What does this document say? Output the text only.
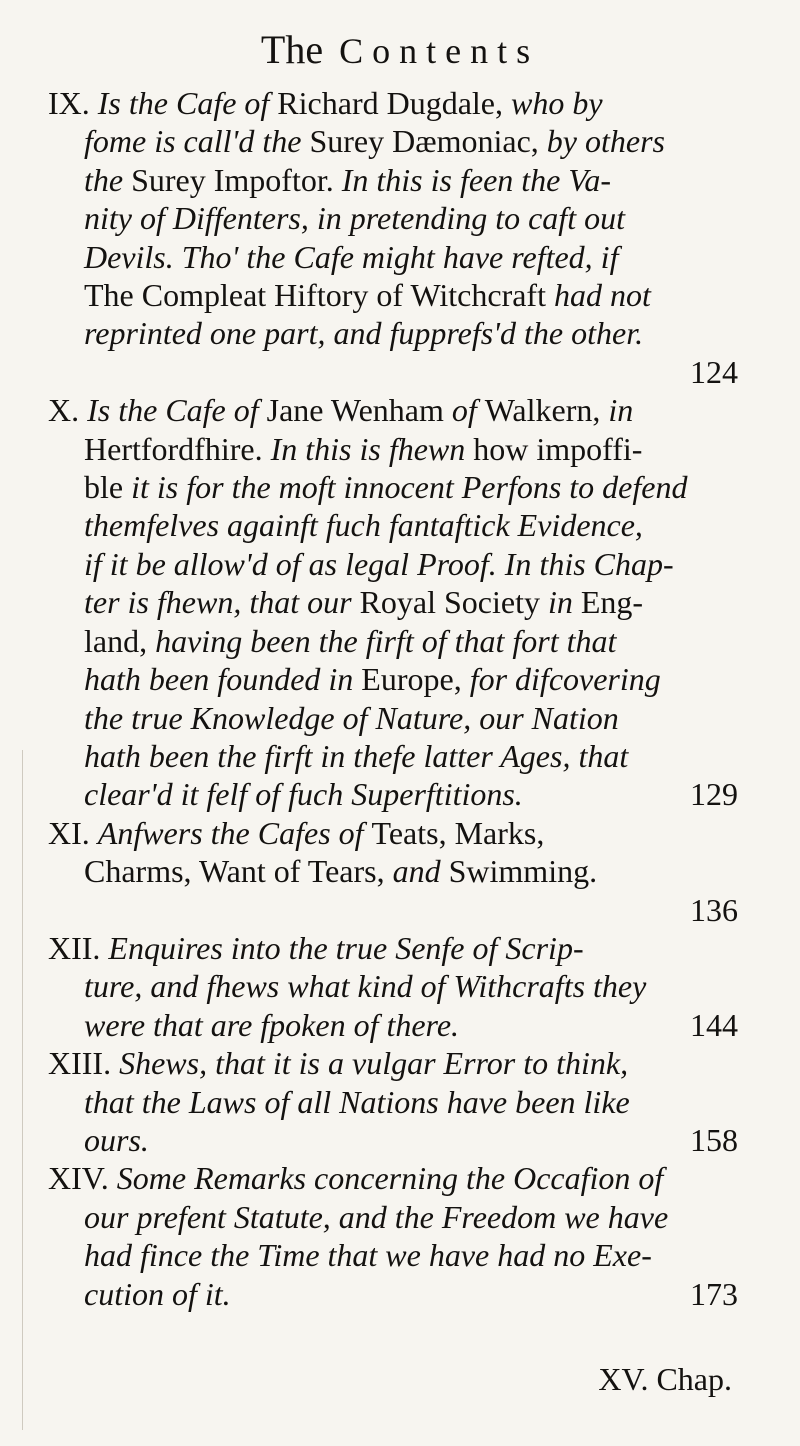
The Contents
IX. Is the Cafe of Richard Dugdale, who by
fome is call'd the Surey Dæmoniac, by others
the Surey Impoftor. In this is feen the Va-
nity of Diffenters, in pretending to caft out
Devils. Tho' the Cafe might have refted, if
The Compleat Hiftory of Witchcraft had not
reprinted one part, and fupprefs'd the other.
124
X. Is the Cafe of Jane Wenham of Walkern, in
Hertfordfhire. In this is fhewn how impoffi-
ble it is for the moft innocent Perfons to defend
themfelves againft fuch fantaftick Evidence,
if it be allow'd of as legal Proof. In this Chap-
ter is fhewn, that our Royal Society in Eng-
land, having been the firft of that fort that
hath been founded in Europe, for difcovering
the true Knowledge of Nature, our Nation
hath been the firft in thefe latter Ages, that
clear'd it felf of fuch Superftitions.	129
XI. Anfwers the Cafes of Teats, Marks,
Charms, Want of Tears, and Swimming.
136
XII. Enquires into the true Senfe of Scrip-
ture, and fhews what kind of Withcrafts they
were that are fpoken of there.	144
XIII. Shews, that it is a vulgar Error to think,
that the Laws of all Nations have been like
ours.	158
XIV. Some Remarks concerning the Occafion of
our prefent Statute, and the Freedom we have
had fince the Time that we have had no Exe-
cution of it.	173
XV. Chap.
